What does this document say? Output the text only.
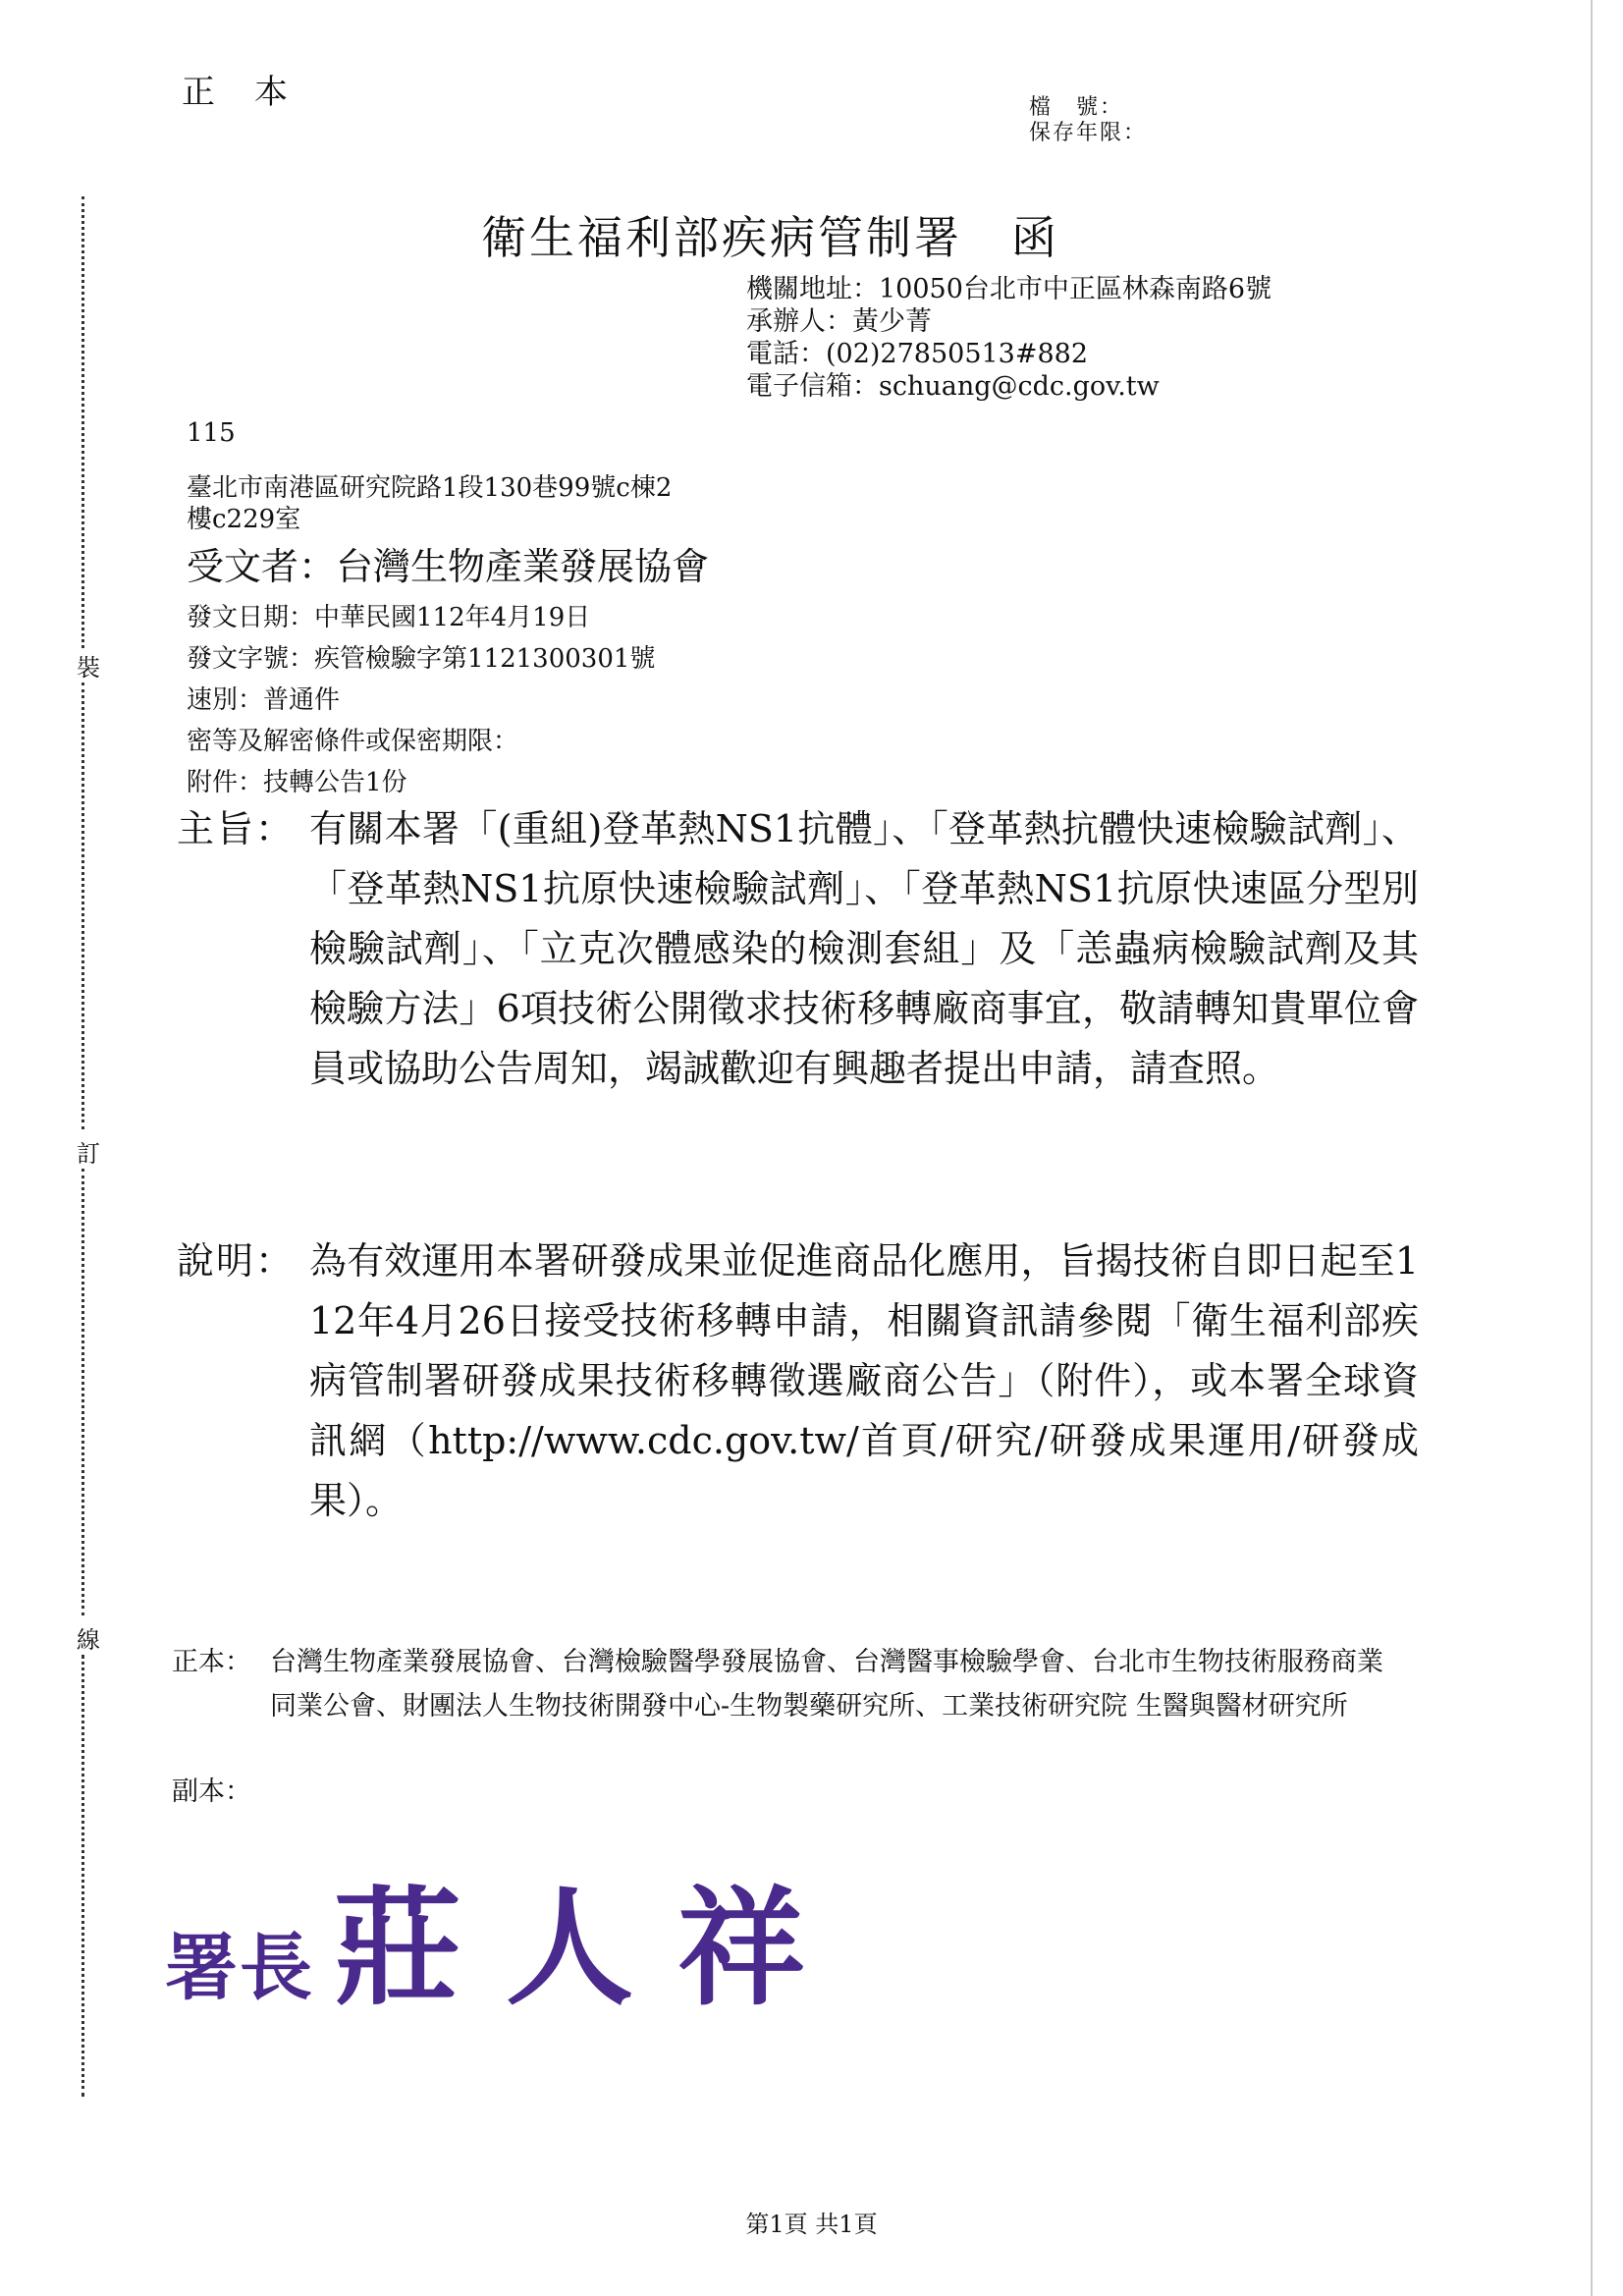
正本	檔　號：
保存年限：
裝
訂
線
衛生福利部疾病管制署 函
機關地址：10050台北市中正區林森南路6號
承辦人：黃少菁
電話：(02)27850513#882
電子信箱：schuang@cdc.gov.tw
115
臺北市南港區研究院路1段130巷99號c棟2
樓c229室
受文者：台灣生物產業發展協會
發文日期：中華民國112年4月19日
發文字號：疾管檢驗字第1121300301號
速別：普通件
密等及解密條件或保密期限：
附件：技轉公告1份
主旨： 有關本署「(重組)登革熱NS1抗體」、「登革熱抗體快速檢驗試劑」、「登革熱NS1抗原快速檢驗試劑」、「登革熱NS1抗原快速區分型別檢驗試劑」、「立克次體感染的檢測套組」及「恙蟲病檢驗試劑及其檢驗方法」6項技術公開徵求技術移轉廠商事宜，敬請轉知貴單位會員或協助公告周知，竭誠歡迎有興趣者提出申請，請查照。
說明： 為有效運用本署研發成果並促進商品化應用，旨揭技術自即日起至112年4月26日接受技術移轉申請，相關資訊請參閱「衛生福利部疾病管制署研發成果技術移轉徵選廠商公告」（附件），或本署全球資訊網（http://www.cdc.gov.tw/首頁/研究/研發成果運用/研發成果）。
正本： 台灣生物產業發展協會、台灣檢驗醫學發展協會、台灣醫事檢驗學會、台北市生物技術服務商業同業公會、財團法人生物技術開發中心-生物製藥研究所、工業技術研究院 生醫與醫材研究所
副本：
署長 莊人祥
第1頁 共1頁
